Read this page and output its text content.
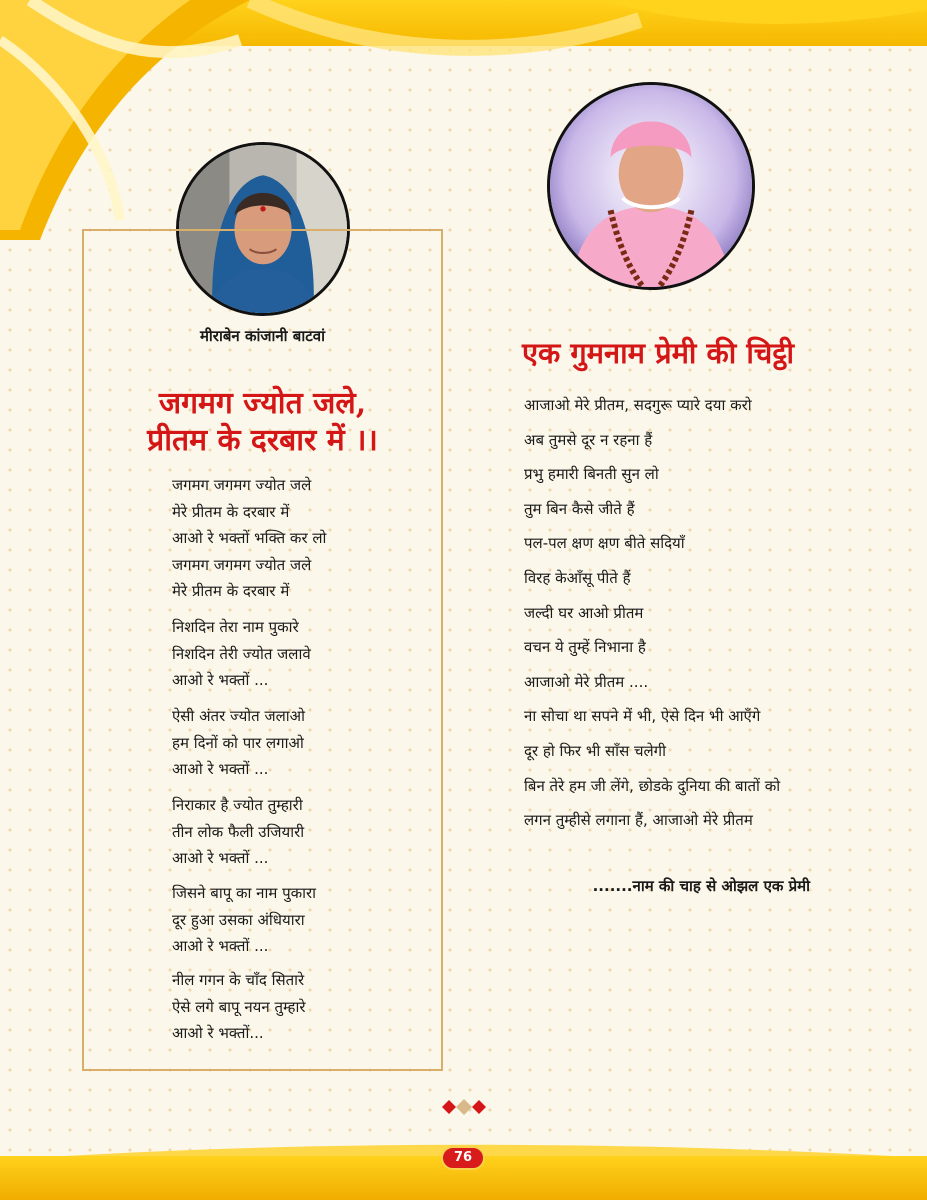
मीराबेन कांजानी बाटवां
जगमग ज्योत जले,
प्रीतम के दरबार में ।।

जगमग जगमग ज्योत जले

मेरे प्रीतम के दरबार में

आओ रे भक्तों भक्ति कर लो

जगमग जगमग ज्योत जले

मेरे प्रीतम के दरबार में

निशदिन तेरा नाम पुकारे

निशदिन तेरी ज्योत जलावे

आओ रे भक्तों ...

ऐसी अंतर ज्योत जलाओ

हम दिनों को पार लगाओ

आओ रे भक्तों ...

निराकार है ज्योत तुम्हारी

तीन लोक फैली उजियारी

आओ रे भक्तों ...

जिसने बापू का नाम पुकारा

दूर हुआ उसका अंधियारा

आओ रे भक्तों ...

नील गगन के चाँद सितारे

ऐसे लगे बापू नयन तुम्हारे

आओ रे भक्तों...

एक गुमनाम प्रेमी की चिट्ठी

आजाओ मेरे प्रीतम, सदगुरू प्यारे दया करो

अब तुमसे दूर न रहना हैं

प्रभु हमारी बिनती सुन लो

तुम बिन कैसे जीते हैं

पल-पल क्षण क्षण बीते सदियाँ

विरह केआँसू पीते हैं

जल्दी घर आओ प्रीतम

वचन ये तुम्हें निभाना है

आजाओ मेरे प्रीतम ....

ना सोचा था सपने में भी, ऐसे दिन भी आएँगे

दूर हो फिर भी साँस चलेगी

बिन तेरे हम जी लेंगे, छोडके दुनिया की बातों को

लगन तुम्हीसे लगाना हैं, आजाओ मेरे प्रीतम

.......नाम की चाह से ओझल एक प्रेमी
76
